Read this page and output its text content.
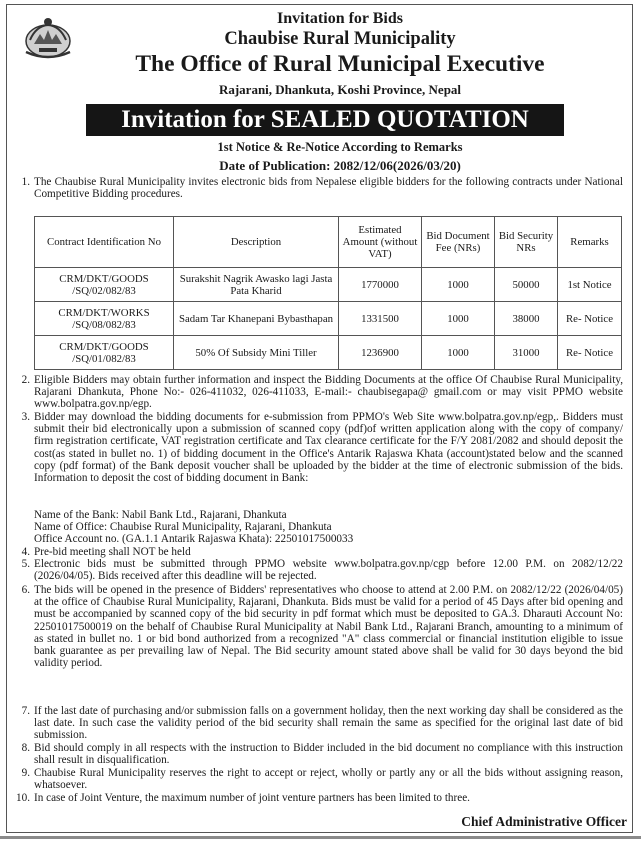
Invitation for Bids
Chaubise Rural Municipality
The Office of Rural Municipal Executive
Rajarani, Dhankuta, Koshi Province, Nepal
Invitation for SEALED QUOTATION
1st Notice & Re-Notice According to Remarks
Date of Publication: 2082/12/06(2026/03/20)
1. The Chaubise Rural Municipality invites electronic bids from Nepalese eligible bidders for the following contracts under National Competitive Bidding procedures.
Contract Identification No	Description	Estimated Amount (without VAT)	Bid Document Fee (NRs)	Bid Security NRs	Remarks
CRM/DKT/GOODS /SQ/02/082/83	Surakshit Nagrik Awasko lagi Jasta Pata Kharid	1770000	1000	50000	1st Notice
CRM/DKT/WORKS /SQ/08/082/83	Sadam Tar Khanepani Bybasthapan	1331500	1000	38000	Re- Notice
CRM/DKT/GOODS /SQ/01/082/83	50% Of Subsidy Mini Tiller	1236900	1000	31000	Re- Notice
2. Eligible Bidders may obtain further information and inspect the Bidding Documents at the office Of Chaubise Rural Municipality, Rajarani Dhankuta, Phone No:- 026-411032, 026-411033, E-mail:- chaubisegapa@ gmail.com or may visit PPMO website www.bolpatra.gov.np/egp.
3. Bidder may download the bidding documents for e-submission from PPMO's Web Site www.bolpatra.gov.np/egp,. Bidders must submit their bid electronically upon a submission of scanned copy (pdf)of written application along with the copy of company/ firm registration certificate, VAT registration certificate and Tax clearance certificate for the F/Y 2081/2082 and should deposit the cost(as stated in bullet no. 1) of bidding document in the Office's Antarik Rajaswa Khata (account)stated below and the scanned copy (pdf format) of the Bank deposit voucher shall be uploaded by the bidder at the time of electronic submission of the bids. Information to deposit the cost of bidding document in Bank:
Name of the Bank: Nabil Bank Ltd., Rajarani, Dhankuta
Name of Office: Chaubise Rural Municipality, Rajarani, Dhankuta
Office Account no. (GA.1.1 Antarik Rajaswa Khata): 22501017500033
4. Pre-bid meeting shall NOT be held
5. Electronic bids must be submitted through PPMO website www.bolpatra.gov.np/cgp before 12.00 P.M. on 2082/12/22 (2026/04/05). Bids received after this deadline will be rejected.
6. The bids will be opened in the presence of Bidders' representatives who choose to attend at 2.00 P.M. on 2082/12/22 (2026/04/05) at the office of Chaubise Rural Municipality, Rajarani, Dhankuta. Bids must be valid for a period of 45 Days after bid opening and must be accompanied by scanned copy of the bid security in pdf format which must be deposited to GA.3. Dharauti Account No: 22501017500019 on the behalf of Chaubise Rural Municipality at Nabil Bank Ltd., Rajarani Branch, amounting to a minimum of as stated in bullet no. 1 or bid bond authorized from a recognized "A" class commercial or financial institution eligible to issue bank guarantee as per prevailing law of Nepal. The Bid security amount stated above shall be valid for 30 days beyond the bid validity period.
7. If the last date of purchasing and/or submission falls on a government holiday, then the next working day shall be considered as the last date. In such case the validity period of the bid security shall remain the same as specified for the original last date of bid submission.
8. Bid should comply in all respects with the instruction to Bidder included in the bid document no compliance with this instruction shall result in disqualification.
9. Chaubise Rural Municipality reserves the right to accept or reject, wholly or partly any or all the bids without assigning reason, whatsoever.
10. In case of Joint Venture, the maximum number of joint venture partners has been limited to three.
Chief Administrative Officer
